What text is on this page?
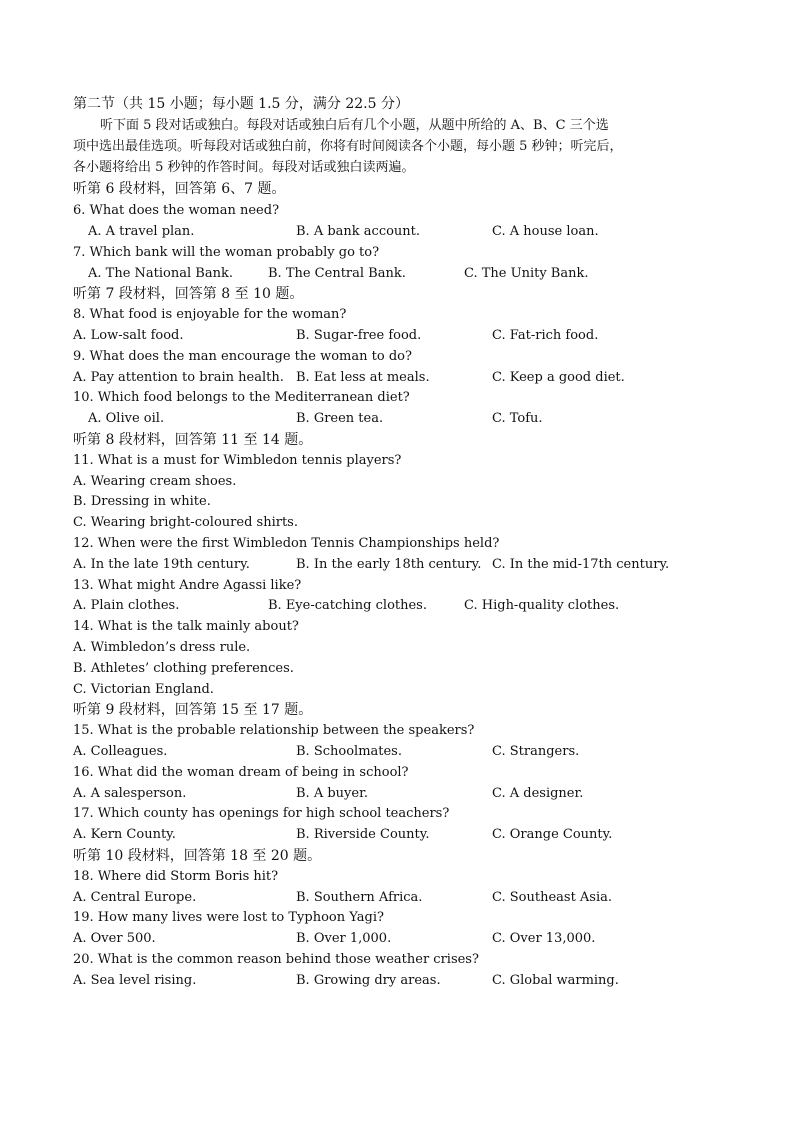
第二节（共 15 小题；每小题 1.5 分，满分 22.5 分）
听下面 5 段对话或独白。每段对话或独白后有几个小题，从题中所给的 A、B、C 三个选
项中选出最佳选项。听每段对话或独白前，你将有时间阅读各个小题，每小题 5 秒钟；听完后，
各小题将给出 5 秒钟的作答时间。每段对话或独白读两遍。
听第 6 段材料，回答第 6、7 题。
6. What does the woman need?
A. A travel plan.	B. A bank account.	C. A house loan.
7. Which bank will the woman probably go to?
A. The National Bank.	B. The Central Bank.	C. The Unity Bank.
听第 7 段材料，回答第 8 至 10 题。
8. What food is enjoyable for the woman?
A. Low-salt food.	B. Sugar-free food.	C. Fat-rich food.
9. What does the man encourage the woman to do?
A. Pay attention to brain health. B. Eat less at meals.	C. Keep a good diet.
10. Which food belongs to the Mediterranean diet?
A. Olive oil.	B. Green tea.	C. Tofu.
听第 8 段材料，回答第 11 至 14 题。
11. What is a must for Wimbledon tennis players?
A. Wearing cream shoes.
B. Dressing in white.
C. Wearing bright-coloured shirts.
12. When were the first Wimbledon Tennis Championships held?
A. In the late 19th century.	B. In the early 18th century. C. In the mid-17th century.
13. What might Andre Agassi like?
A. Plain clothes.	B. Eye-catching clothes.	C. High-quality clothes.
14. What is the talk mainly about?
A. Wimbledon’s dress rule.
B. Athletes’ clothing preferences.
C. Victorian England.
听第 9 段材料，回答第 15 至 17 题。
15. What is the probable relationship between the speakers?
A. Colleagues.	B. Schoolmates.	C. Strangers.
16. What did the woman dream of being in school?
A. A salesperson.	B. A buyer.	C. A designer.
17. Which county has openings for high school teachers?
A. Kern County.	B. Riverside County.	C. Orange County.
听第 10 段材料，回答第 18 至 20 题。
18. Where did Storm Boris hit?
A. Central Europe.	B. Southern Africa.	C. Southeast Asia.
19. How many lives were lost to Typhoon Yagi?
A. Over 500.	B. Over 1,000.	C. Over 13,000.
20. What is the common reason behind those weather crises?
A. Sea level rising.	B. Growing dry areas.	C. Global warming.
